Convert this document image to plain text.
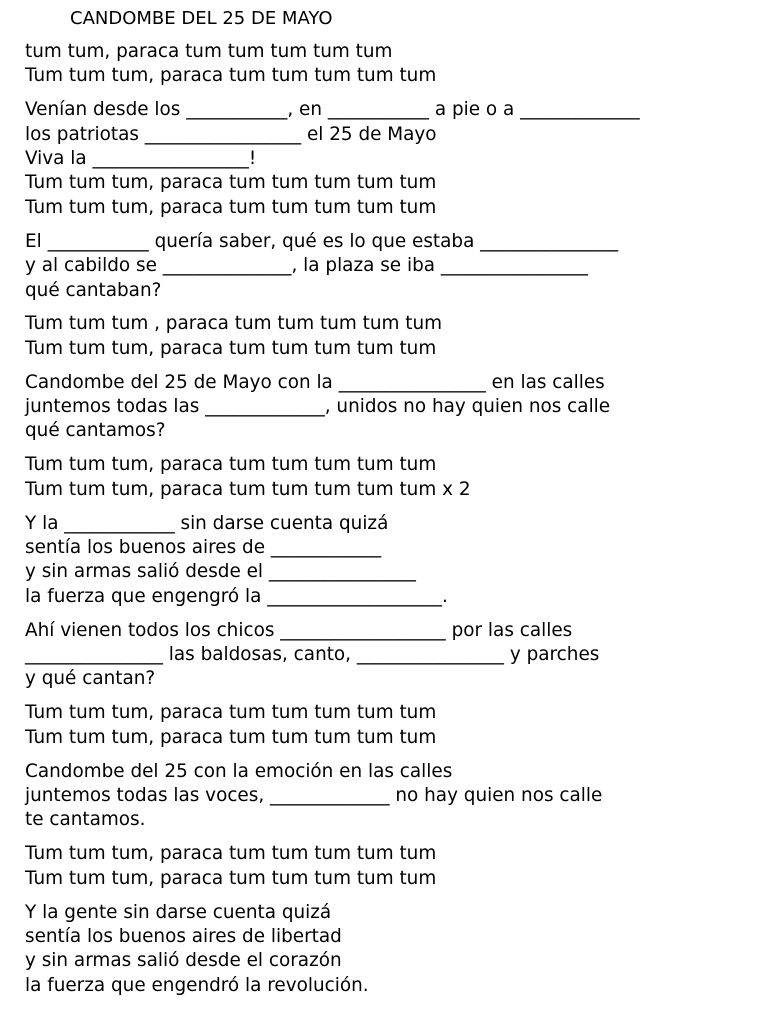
CANDOMBE DEL 25 DE MAYO
tum tum, paraca tum tum tum tum tum
Tum tum tum, paraca tum tum tum tum tum
Venían desde los ___________, en ___________ a pie o a _____________
los patriotas _________________ el 25 de Mayo
Viva la _________________!
Tum tum tum, paraca tum tum tum tum tum
Tum tum tum, paraca tum tum tum tum tum
El ___________ quería saber, qué es lo que estaba _______________
y al cabildo se ______________, la plaza se iba ________________
qué cantaban?
Tum tum tum , paraca tum tum tum tum tum
Tum tum tum, paraca tum tum tum tum tum
Candombe del 25 de Mayo con la ________________ en las calles
juntemos todas las _____________, unidos no hay quien nos calle
qué cantamos?
Tum tum tum, paraca tum tum tum tum tum
Tum tum tum, paraca tum tum tum tum tum x 2
Y la ____________ sin darse cuenta quizá
sentía los buenos aires de ____________
y sin armas salió desde el ________________
la fuerza que engengró la ___________________.
Ahí vienen todos los chicos __________________ por las calles
_______________ las baldosas, canto, ________________ y parches
y qué cantan?
Tum tum tum, paraca tum tum tum tum tum
Tum tum tum, paraca tum tum tum tum tum
Candombe del 25 con la emoción en las calles
juntemos todas las voces, _____________ no hay quien nos calle
te cantamos.
Tum tum tum, paraca tum tum tum tum tum
Tum tum tum, paraca tum tum tum tum tum
Y la gente sin darse cuenta quizá
sentía los buenos aires de libertad
y sin armas salió desde el corazón
la fuerza que engendró la revolución.
